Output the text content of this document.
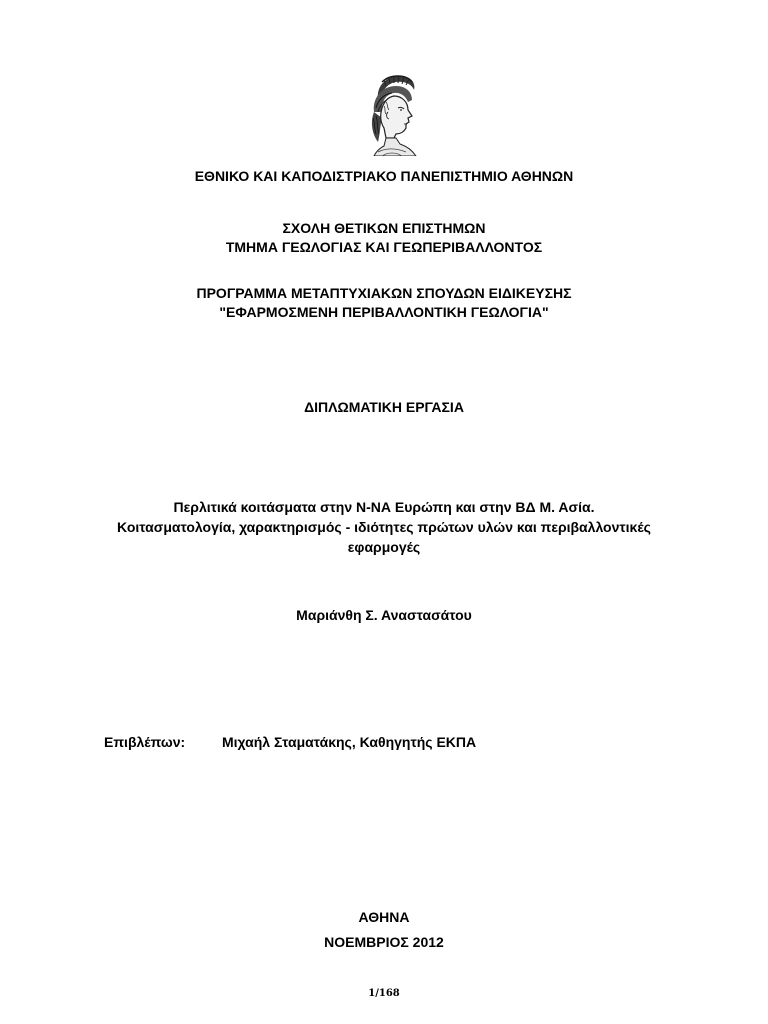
ΕΘΝΙΚΟ ΚΑΙ ΚΑΠΟΔΙΣΤΡΙΑΚΟ ΠΑΝΕΠΙΣΤΗΜΙΟ ΑΘΗΝΩΝ
ΣΧΟΛΗ ΘΕΤΙΚΩΝ ΕΠΙΣΤΗΜΩΝ
ΤΜΗΜΑ ΓΕΩΛΟΓΙΑΣ ΚΑΙ ΓΕΩΠΕΡΙΒΑΛΛΟΝΤΟΣ
ΠΡΟΓΡΑΜΜΑ ΜΕΤΑΠΤΥΧΙΑΚΩΝ ΣΠΟΥΔΩΝ ΕΙΔΙΚΕΥΣΗΣ
"ΕΦΑΡΜΟΣΜΕΝΗ ΠΕΡΙΒΑΛΛΟΝΤΙΚΗ ΓΕΩΛΟΓΙΑ"
ΔΙΠΛΩΜΑΤΙΚΗ ΕΡΓΑΣΙΑ
Περλιτικά κοιτάσματα στην Ν-ΝΑ Ευρώπη και στην ΒΔ Μ. Ασία.
Κοιτασματολογία, χαρακτηρισμός - ιδιότητες πρώτων υλών και περιβαλλοντικές
εφαρμογές
Μαριάνθη Σ. Αναστασάτου
Επιβλέπων:	Μιχαήλ Σταματάκης, Καθηγητής ΕΚΠΑ
ΑΘΗΝΑ
ΝΟΕΜΒΡΙΟΣ 2012
1/168
